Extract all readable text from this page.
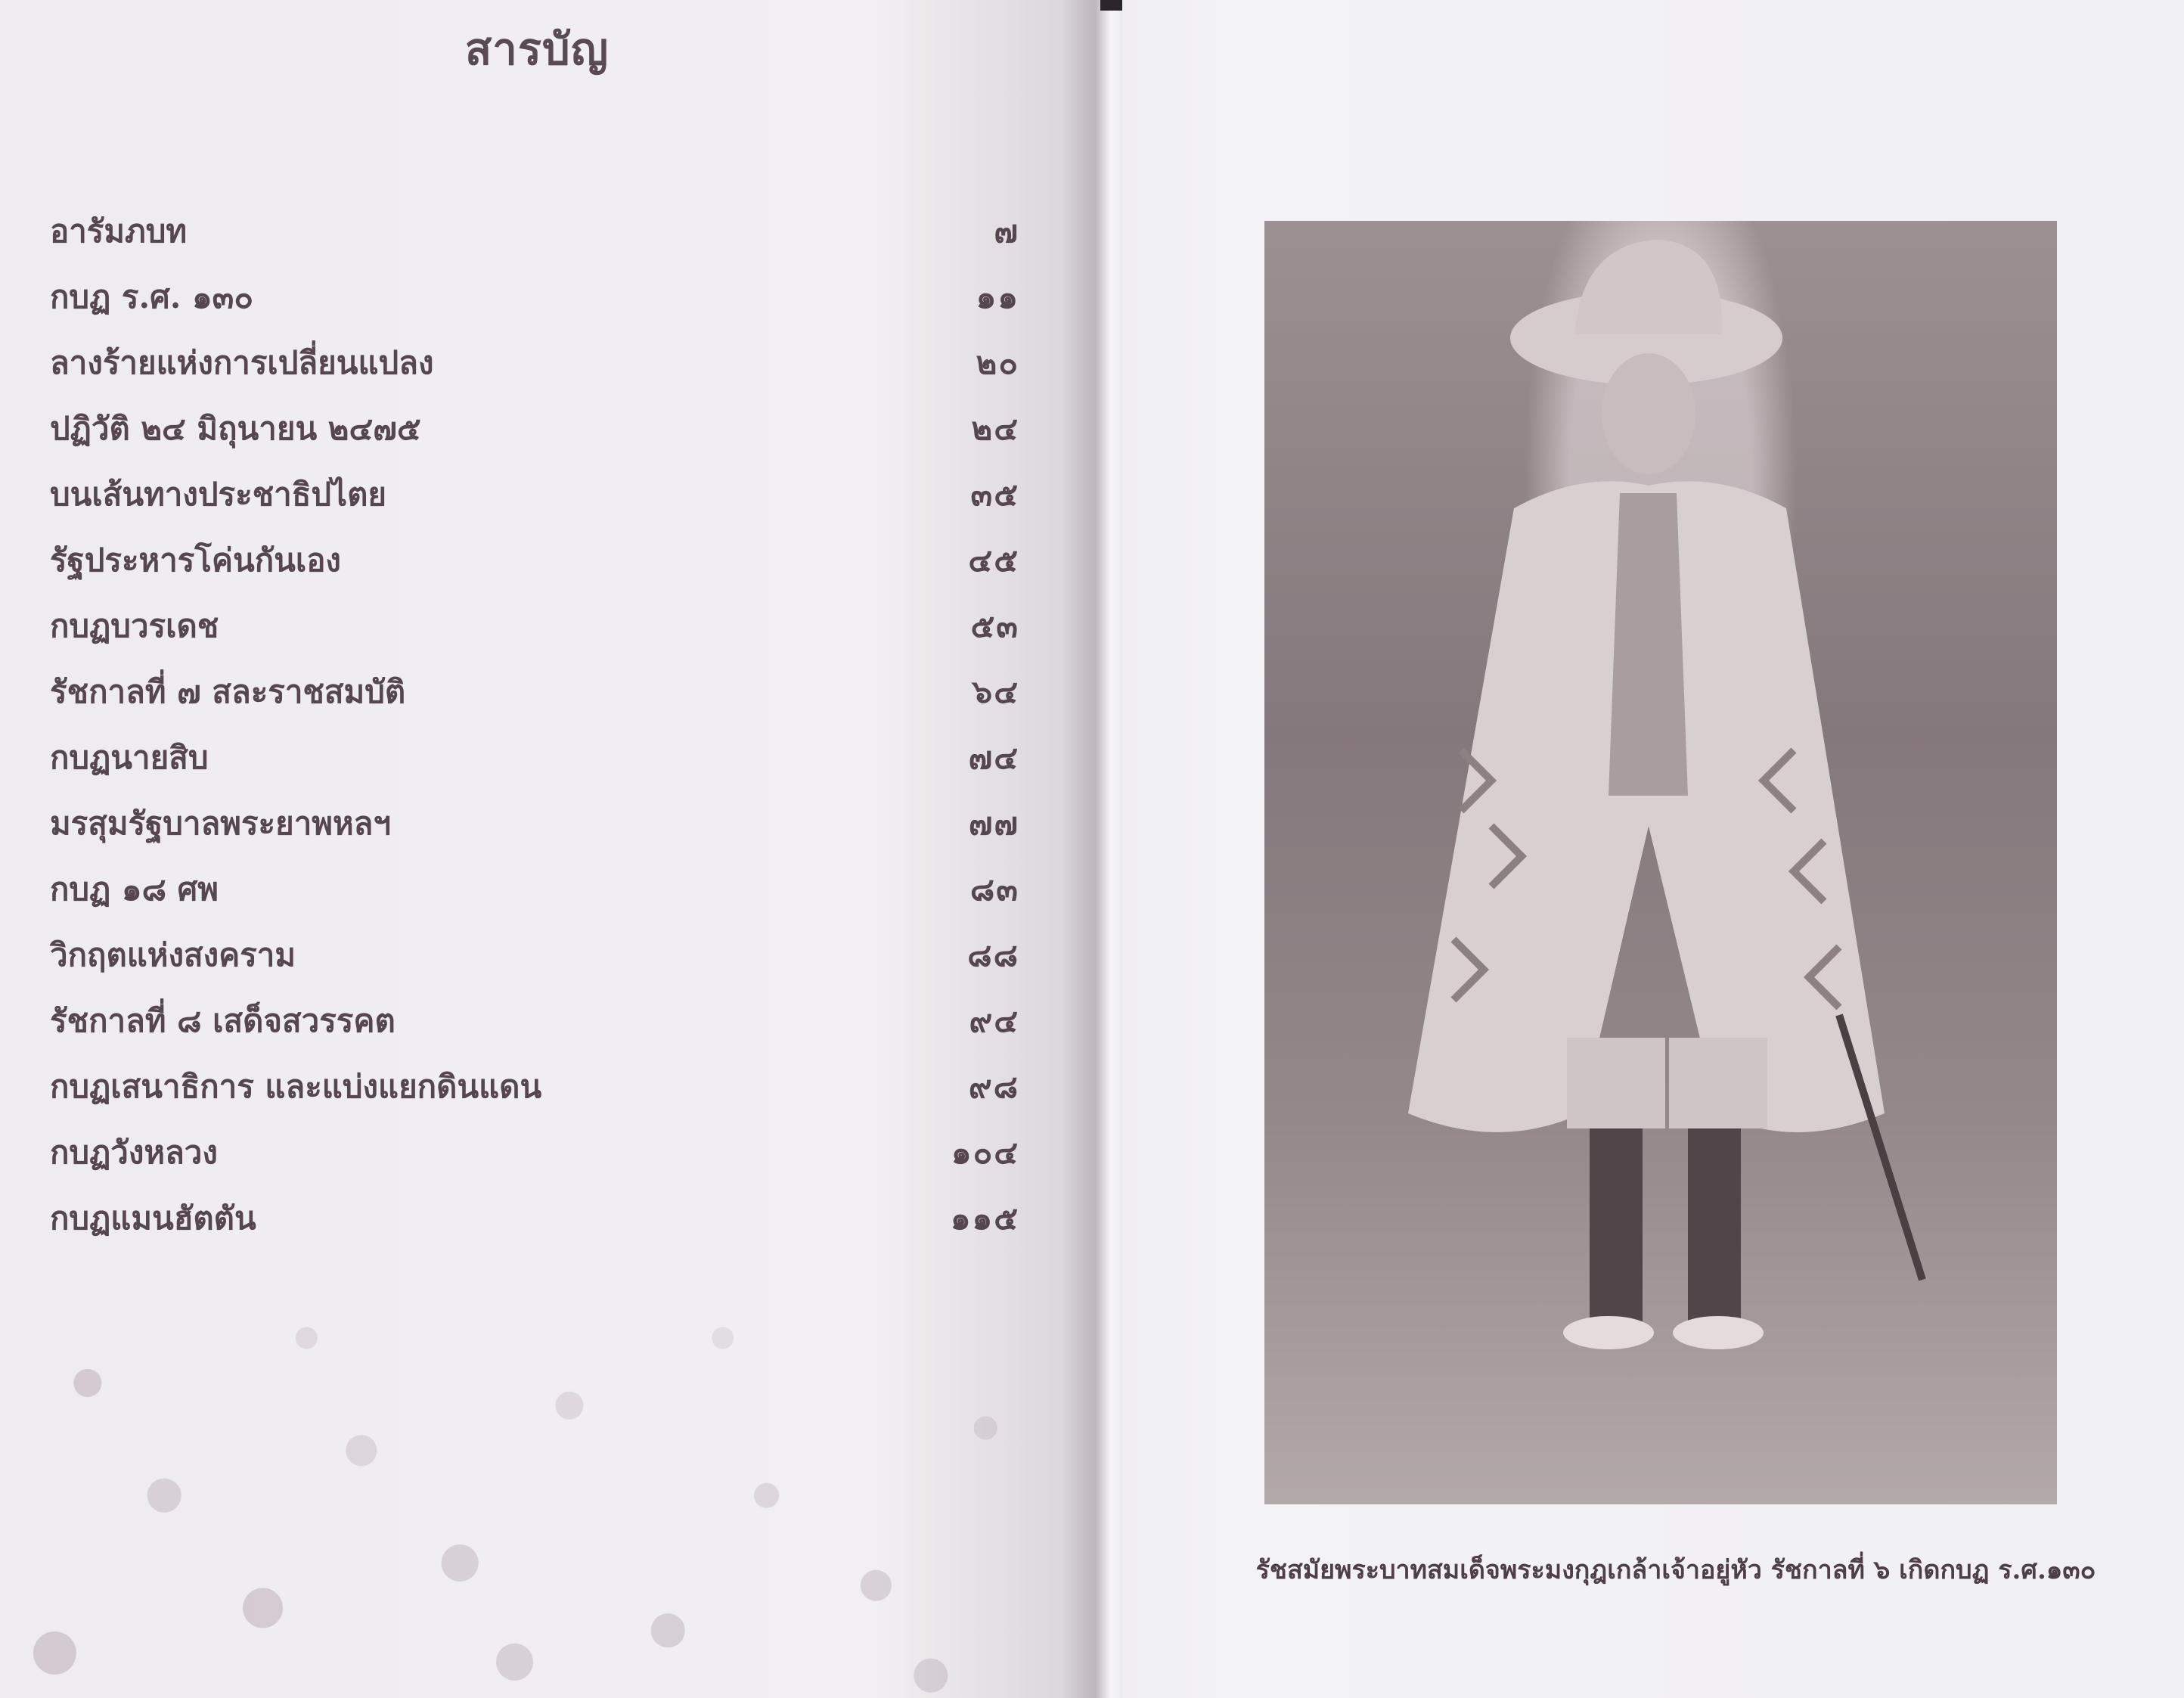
สารบัญ
อารัมภบท	๗
กบฏ ร.ศ. ๑๓๐	๑๑
ลางร้ายแห่งการเปลี่ยนแปลง	๒๐
ปฏิวัติ ๒๔ มิถุนายน ๒๔๗๕	๒๔
บนเส้นทางประชาธิปไตย	๓๕
รัฐประหารโค่นกันเอง	๔๕
กบฏบวรเดช	๕๓
รัชกาลที่ ๗ สละราชสมบัติ	๖๔
กบฏนายสิบ	๗๔
มรสุมรัฐบาลพระยาพหลฯ	๗๗
กบฏ ๑๘ ศพ	๘๓
วิกฤตแห่งสงคราม	๘๘
รัชกาลที่ ๘ เสด็จสวรรคต	๙๔
กบฏเสนาธิการ และแบ่งแยกดินแดน	๙๘
กบฏวังหลวง	๑๐๔
กบฏแมนฮัตตัน	๑๑๕
รัชสมัยพระบาทสมเด็จพระมงกุฎเกล้าเจ้าอยู่หัว รัชกาลที่ ๖ เกิดกบฏ ร.ศ.๑๓๐
